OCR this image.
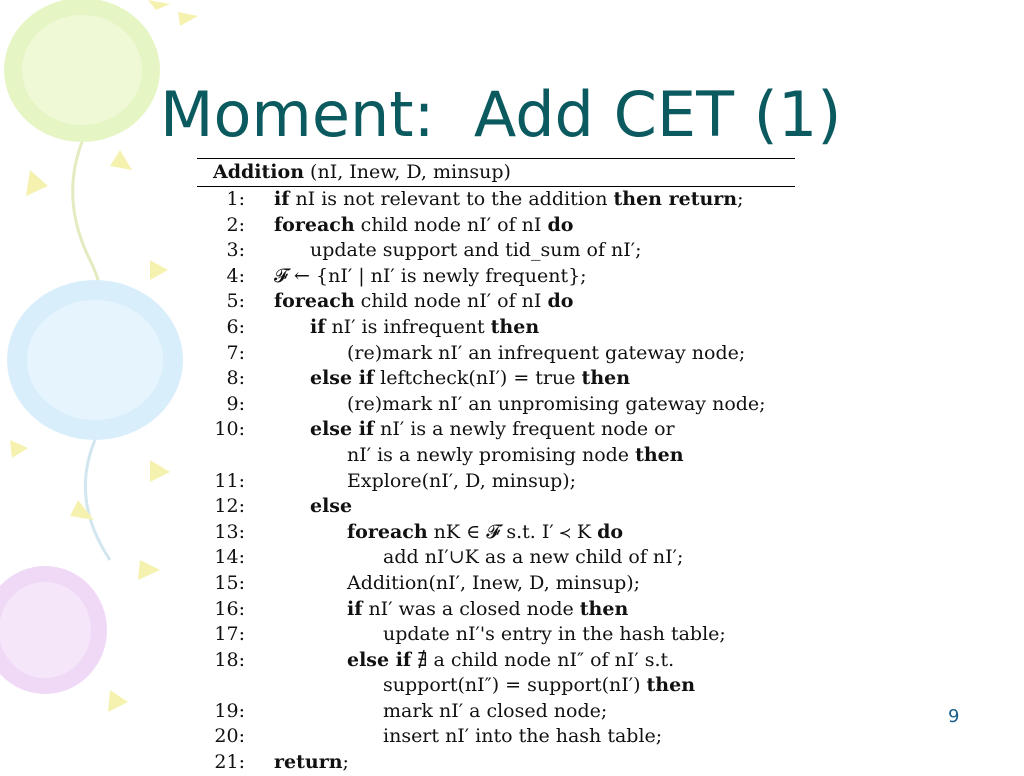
Moment:  Add CET (1)
Addition (nI, Inew, D, minsup)
1: if nI is not relevant to the addition then return;
2: foreach child node nI′ of nI do
3:	update support and tid_sum of nI′;
4: 𝓕 ← {nI′ | nI′ is newly frequent};
5: foreach child node nI′ of nI do
6:	if nI′ is infrequent then
7:	(re)mark nI′ an infrequent gateway node;
8:	else if leftcheck(nI′) = true then
9:	(re)mark nI′ an unpromising gateway node;
10:	else if nI′ is a newly frequent node or
nI′ is a newly promising node then
11:	Explore(nI′, D, minsup);
12:	else
13:	foreach nK ∈ 𝓕 s.t. I′ ≺ K do
14:	add nI′∪K as a new child of nI′;
15:	Addition(nI′, Inew, D, minsup);
16:	if nI′ was a closed node then
17:	update nI′'s entry in the hash table;
18:	else if ∄ a child node nI″ of nI′ s.t.
support(nI″) = support(nI′) then
19:	mark nI′ a closed node;
20:	insert nI′ into the hash table;
21: return;
9
